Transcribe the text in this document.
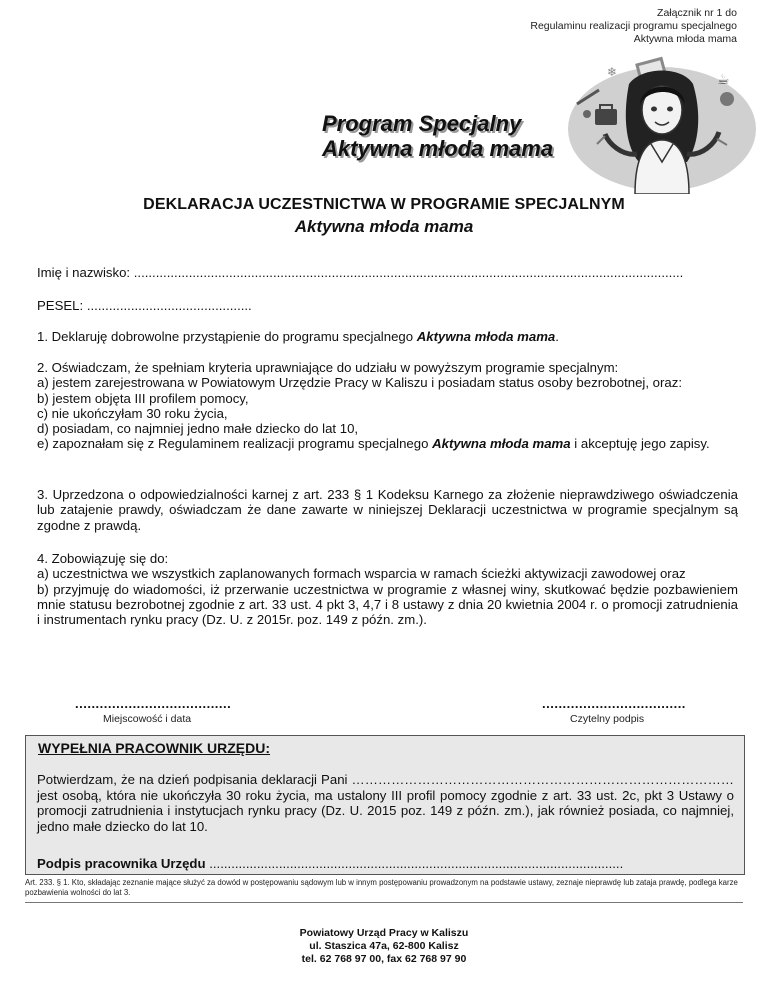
Załącznik nr 1 do
Regulaminu realizacji programu specjalnego
Aktywna młoda mama
❄	☕
Program Specjalny
Aktywna młoda mama
DEKLARACJA UCZESTNICTWA W PROGRAMIE SPECJALNYM
Aktywna młoda mama
Imię i nazwisko: ......................................................................................................................................................
PESEL: .............................................
1. Deklaruję dobrowolne przystąpienie do programu specjalnego Aktywna młoda mama.
2. Oświadczam, że spełniam kryteria uprawniające do udziału w powyższym programie specjalnym:
a) jestem zarejestrowana w Powiatowym Urzędzie Pracy w Kaliszu i posiadam status osoby bezrobotnej, oraz:
b) jestem objęta III profilem pomocy,
c) nie ukończyłam 30 roku życia,
d) posiadam, co najmniej jedno małe dziecko do lat 10,
e) zapoznałam się z Regulaminem realizacji programu specjalnego Aktywna młoda mama i akceptuję jego zapisy.
3. Uprzedzona o odpowiedzialności karnej z art. 233 § 1 Kodeksu Karnego za złożenie nieprawdziwego oświadczenia lub zatajenie prawdy, oświadczam że dane zawarte w niniejszej Deklaracji uczestnictwa w programie specjalnym są zgodne z prawdą.
4. Zobowiązuję się do:
a) uczestnictwa we wszystkich zaplanowanych formach wsparcia w ramach ścieżki aktywizacji zawodowej oraz
b) przyjmuję do wiadomości, iż przerwanie uczestnictwa w programie z własnej winy, skutkować będzie pozbawieniem mnie statusu bezrobotnej zgodnie z art. 33 ust. 4 pkt 3, 4,7 i 8 ustawy z dnia 20 kwietnia 2004 r. o promocji zatrudnienia i instrumentach rynku pracy (Dz. U. z 2015r. poz. 149 z późn. zm.).
......................................
Miejscowość i data
...................................
Czytelny podpis
WYPEŁNIA PRACOWNIK URZĘDU:
Potwierdzam, że na dzień podpisania deklaracji Pani ……………………………………………………………………………jest osobą, która nie ukończyła 30 roku życia, ma ustalony III profil pomocy zgodnie z art. 33 ust. 2c, pkt 3 Ustawy o promocji zatrudnienia i instytucjach rynku pracy (Dz. U. 2015 poz. 149 z późn. zm.), jak również posiada, co najmniej, jedno małe dziecko do lat 10.
Podpis pracownika Urzędu .................................................................................................................
Art. 233. § 1. Kto, składając zeznanie mające służyć za dowód w postępowaniu sądowym lub w innym postępowaniu prowadzonym na podstawie ustawy, zeznaje nieprawdę lub zataja prawdę, podlega karze pozbawienia wolności do lat 3.
Powiatowy Urząd Pracy w Kaliszu
ul. Staszica 47a, 62-800 Kalisz
tel. 62 768 97 00, fax 62 768 97 90
